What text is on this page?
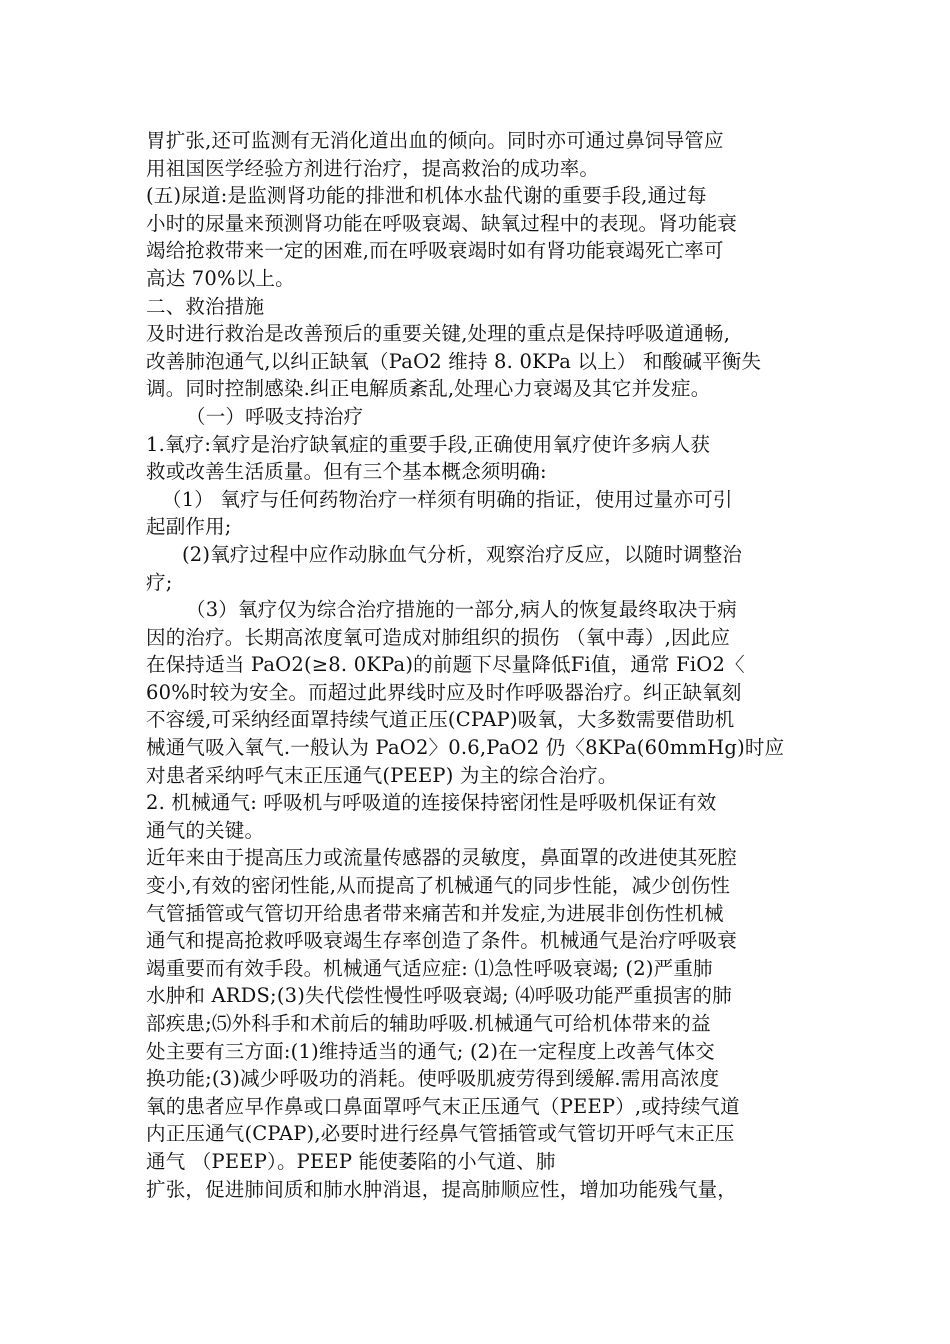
胃扩张,还可监测有无消化道出血的倾向。同时亦可通过鼻饲导管应
用祖国医学经验方剂进行治疗，提高救治的成功率。
(五)尿道:是监测肾功能的排泄和机体水盐代谢的重要手段,通过每
小时的尿量来预测肾功能在呼吸衰竭、缺氧过程中的表现。肾功能衰
竭给抢救带来一定的困难,而在呼吸衰竭时如有肾功能衰竭死亡率可
高达 70%以上。
二、救治措施
及时进行救治是改善预后的重要关键,处理的重点是保持呼吸道通畅,
改善肺泡通气,以纠正缺氧（PaO2 维持 8. 0KPa 以上） 和酸碱平衡失
调。同时控制感染.纠正电解质紊乱,处理心力衰竭及其它并发症。
（一）呼吸支持治疗
1.氧疗:氧疗是治疗缺氧症的重要手段,正确使用氧疗使许多病人获
救或改善生活质量。但有三个基本概念须明确:
（1） 氧疗与任何药物治疗一样须有明确的指证，使用过量亦可引
起副作用;
(2)氧疗过程中应作动脉血气分析，观察治疗反应，以随时调整治
疗;
（3）氧疗仅为综合治疗措施的一部分,病人的恢复最终取决于病
因的治疗。长期高浓度氧可造成对肺组织的损伤 （氧中毒）,因此应
在保持适当 PaO2(≥8. 0KPa)的前题下尽量降低Fi值，通常 FiO2〈
60%时较为安全。而超过此界线时应及时作呼吸器治疗。纠正缺氧刻
不容缓,可采纳经面罩持续气道正压(CPAP)吸氧，大多数需要借助机
械通气吸入氧气.一般认为 PaO2〉0.6,PaO2 仍〈8KPa(60mmHg)时应
对患者采纳呼气末正压通气(PEEP) 为主的综合治疗。
2. 机械通气: 呼吸机与呼吸道的连接保持密闭性是呼吸机保证有效
通气的关键。
近年来由于提高压力或流量传感器的灵敏度，鼻面罩的改进使其死腔
变小,有效的密闭性能,从而提高了机械通气的同步性能，减少创伤性
气管插管或气管切开给患者带来痛苦和并发症,为进展非创伤性机械
通气和提高抢救呼吸衰竭生存率创造了条件。机械通气是治疗呼吸衰
竭重要而有效手段。机械通气适应症: ⑴急性呼吸衰竭; (2)严重肺
水肿和 ARDS;(3)失代偿性慢性呼吸衰竭; ⑷呼吸功能严重损害的肺
部疾患;⑸外科手和术前后的辅助呼吸.机械通气可给机体带来的益
处主要有三方面:(1)维持适当的通气; (2)在一定程度上改善气体交
换功能;(3)减少呼吸功的消耗。使呼吸肌疲劳得到缓解.需用高浓度
氧的患者应早作鼻或口鼻面罩呼气末正压通气（PEEP）,或持续气道
内正压通气(CPAP),必要时进行经鼻气管插管或气管切开呼气末正压
通气 （PEEP）。PEEP 能使萎陷的小气道、肺
扩张，促进肺间质和肺水肿消退，提高肺顺应性，增加功能残气量，
